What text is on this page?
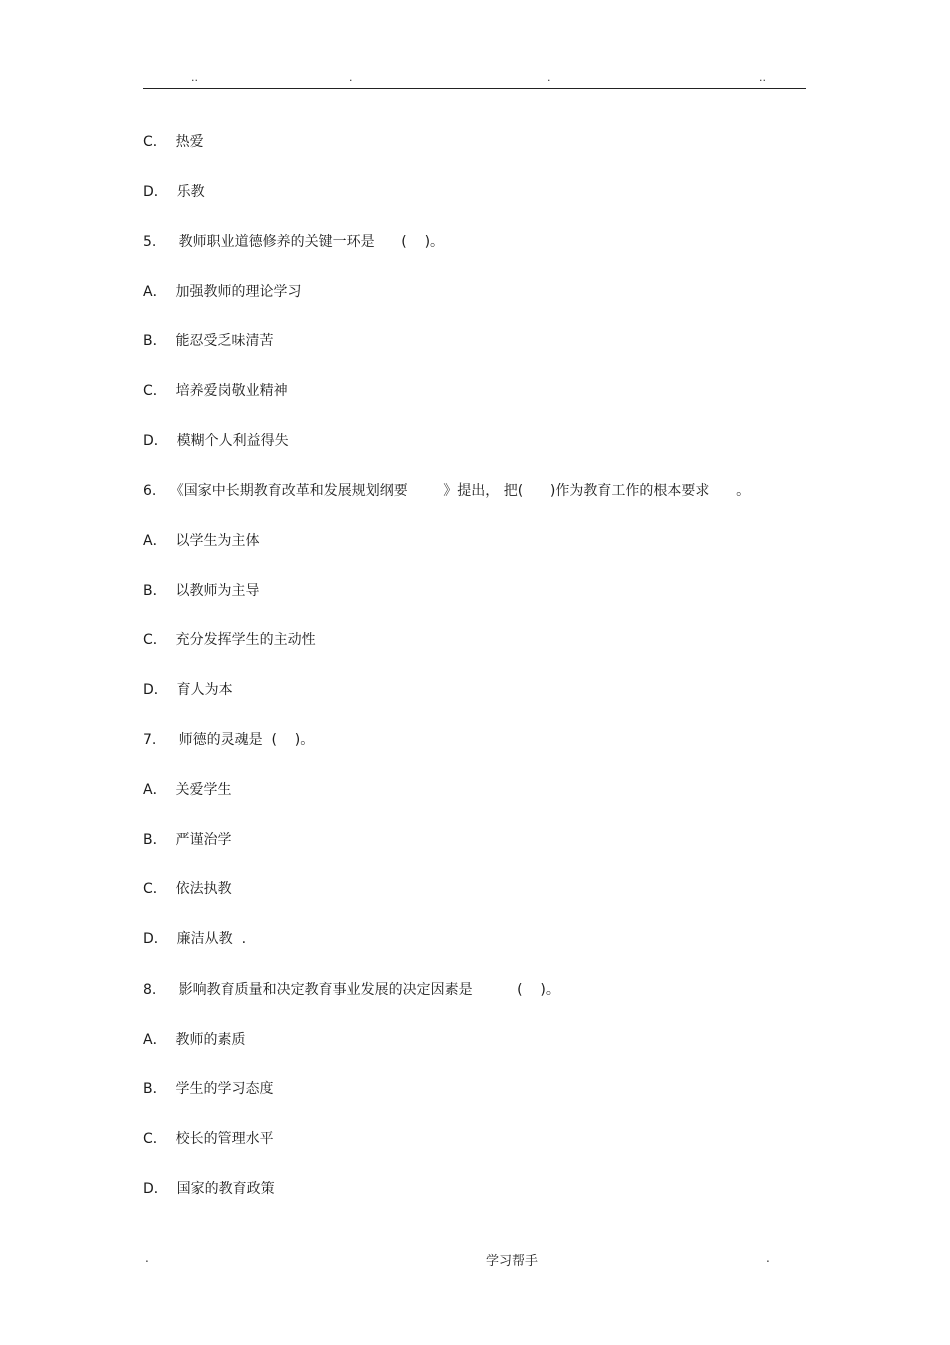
..	.	.	..
C．  热爱
D．  乐教
5.     教师职业道德修养的关键一环是      (    )。
A．  加强教师的理论学习
B．  能忍受乏味清苦
C．  培养爱岗敬业精神
D．  模糊个人利益得失
6.   《国家中长期教育改革和发展规划纲要        》提出， 把(      )作为教育工作的根本要求      。
A．  以学生为主体
B．  以教师为主导
C．  充分发挥学生的主动性
D．  育人为本
7.     师德的灵魂是  (    )。
A．  关爱学生
B．  严谨治学
C．  依法执教
D．  廉洁从教  .
8.     影响教育质量和决定教育事业发展的决定因素是          (    )。
A．  教师的素质
B．  学生的学习态度
C．  校长的管理水平
D．  国家的教育政策
.	学习帮手	.
